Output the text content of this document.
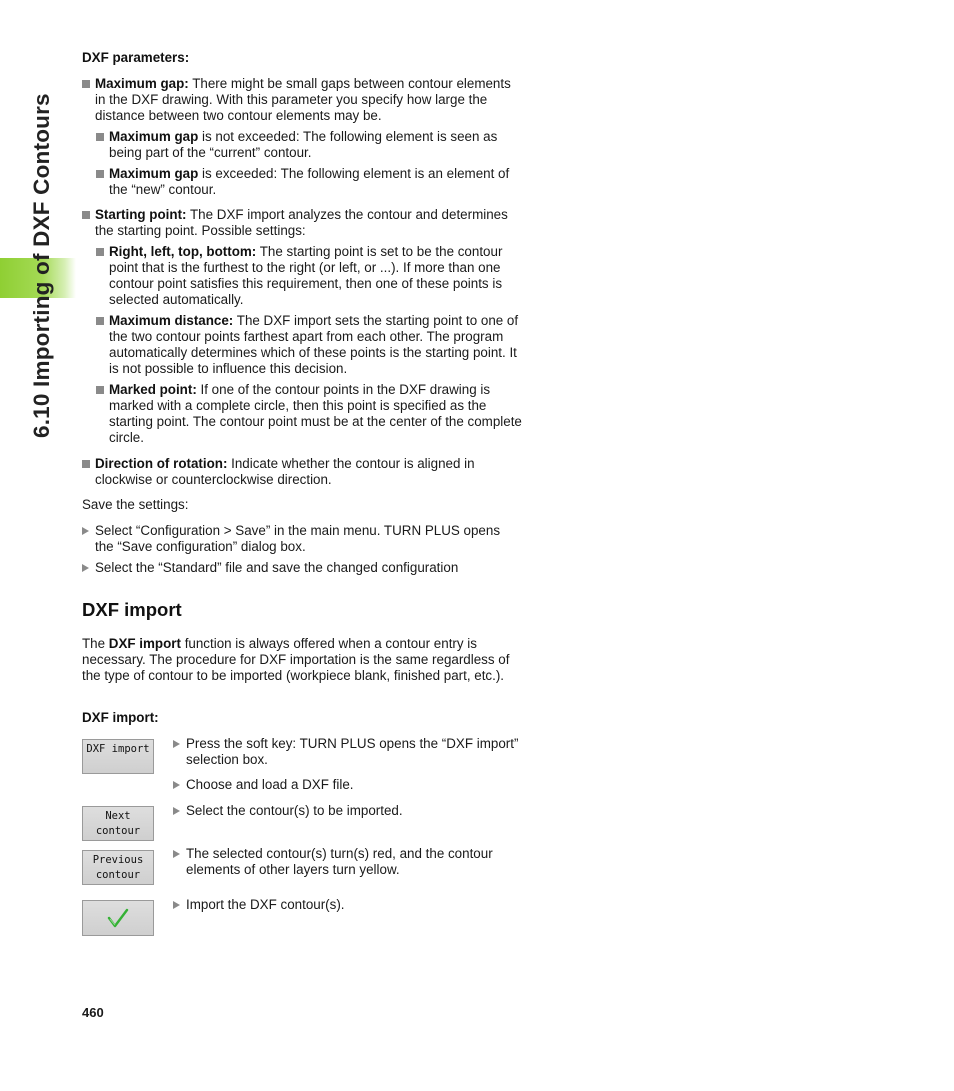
6.10 Importing of DXF Contours
DXF parameters:
Maximum gap: There might be small gaps between contour elements in the DXF drawing. With this parameter you specify how large the distance between two contour elements may be.
Maximum gap is not exceeded: The following element is seen as being part of the “current” contour.
Maximum gap is exceeded: The following element is an element of the “new” contour.
Starting point: The DXF import analyzes the contour and determines the starting point. Possible settings:
Right, left, top, bottom: The starting point is set to be the contour point that is the furthest to the right (or left, or ...). If more than one contour point satisfies this requirement, then one of these points is selected automatically.
Maximum distance: The DXF import sets the starting point to one of the two contour points farthest apart from each other. The program automatically determines which of these points is the starting point. It is not possible to influence this decision.
Marked point: If one of the contour points in the DXF drawing is marked with a complete circle, then this point is specified as the starting point. The contour point must be at the center of the complete circle.
Direction of rotation: Indicate whether the contour is aligned in clockwise or counterclockwise direction.
Save the settings:
Select “Configuration > Save” in the main menu. TURN PLUS opens the “Save configuration” dialog box.
Select the “Standard” file and save the changed configuration
DXF import
The DXF import function is always offered when a contour entry is necessary. The procedure for DXF importation is the same regardless of the type of contour to be imported (workpiece blank, finished part, etc.).
DXF import:
DXF import
Next
contour
Previous
contour
Press the soft key: TURN PLUS opens the “DXF import” selection box.
Choose and load a DXF file.
Select the contour(s) to be imported.
The selected contour(s) turn(s) red, and the contour elements of other layers turn yellow.
Import the DXF contour(s).
460
